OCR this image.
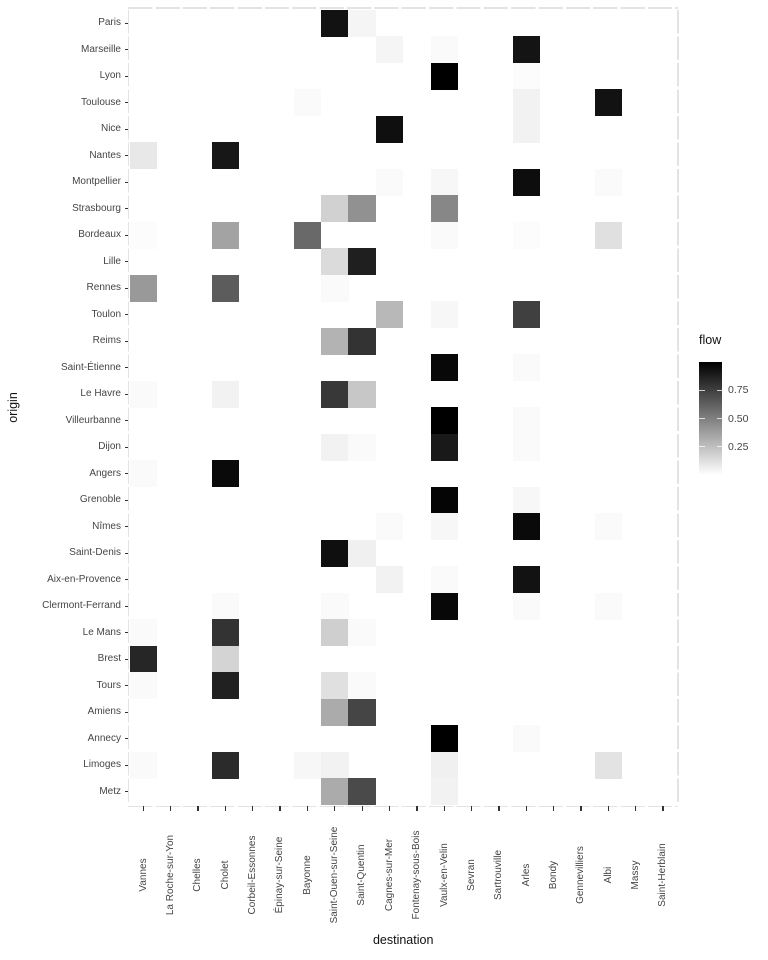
origin
destination
flow
Paris
Marseille
Lyon
Toulouse
Nice
Nantes
Montpellier
Strasbourg
Bordeaux
Lille
Rennes
Toulon
Reims
Saint-Étienne
Le Havre
Villeurbanne
Dijon
Angers
Grenoble
Nîmes
Saint-Denis
Aix-en-Provence
Clermont-Ferrand
Le Mans
Brest
Tours
Amiens
Annecy
Limoges
Metz
Vannes	La Roche-sur-Yon	Chelles	Cholet	Corbeil-Essonnes	Épinay-sur-Seine	Bayonne	Saint-Ouen-sur-Seine	Saint-Quentin	Cagnes-sur-Mer	Fontenay-sous-Bois	Vaulx-en-Velin	Sevran	Sartrouville	Arles	Bondy	Gennevilliers	Albi	Massy	Saint-Herblain
0.75
0.50
0.25
